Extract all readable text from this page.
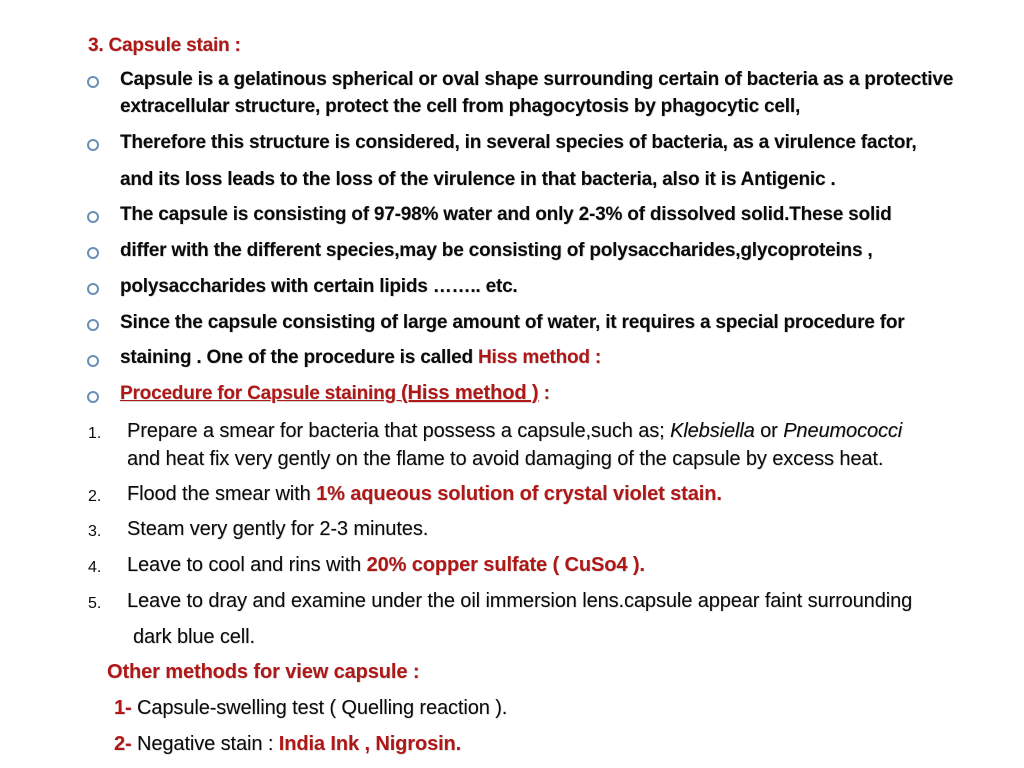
3. Capsule stain :
Capsule is a gelatinous spherical or oval shape surrounding certain of bacteria as a protective
extracellular structure, protect the cell from phagocytosis by phagocytic cell,
Therefore this structure is considered, in several species of bacteria, as a virulence factor,
and its loss leads to the loss of the virulence in that bacteria, also it is Antigenic .
The capsule is consisting of 97-98% water and only 2-3% of dissolved solid.These solid
differ with the different species,may be consisting of polysaccharides,glycoproteins ,
polysaccharides with certain lipids …….. etc.
Since the capsule consisting of large amount of water, it requires a special procedure for
staining . One of the procedure is called Hiss method :
Procedure for Capsule staining (Hiss method ) :
1. Prepare a smear for bacteria that possess a capsule,such as; Klebsiella or Pneumococci
and heat fix very gently on the flame to avoid damaging of the capsule by excess heat.
2. Flood the smear with 1% aqueous solution of crystal violet stain.
3. Steam very gently for 2-3 minutes.
4. Leave to cool and rins with 20% copper sulfate ( CuSo4 ).
5. Leave to dray and examine under the oil immersion lens.capsule appear faint surrounding
dark blue cell.
Other methods for view capsule :
1- Capsule-swelling test ( Quelling reaction ).
2- Negative stain : India Ink , Nigrosin.
